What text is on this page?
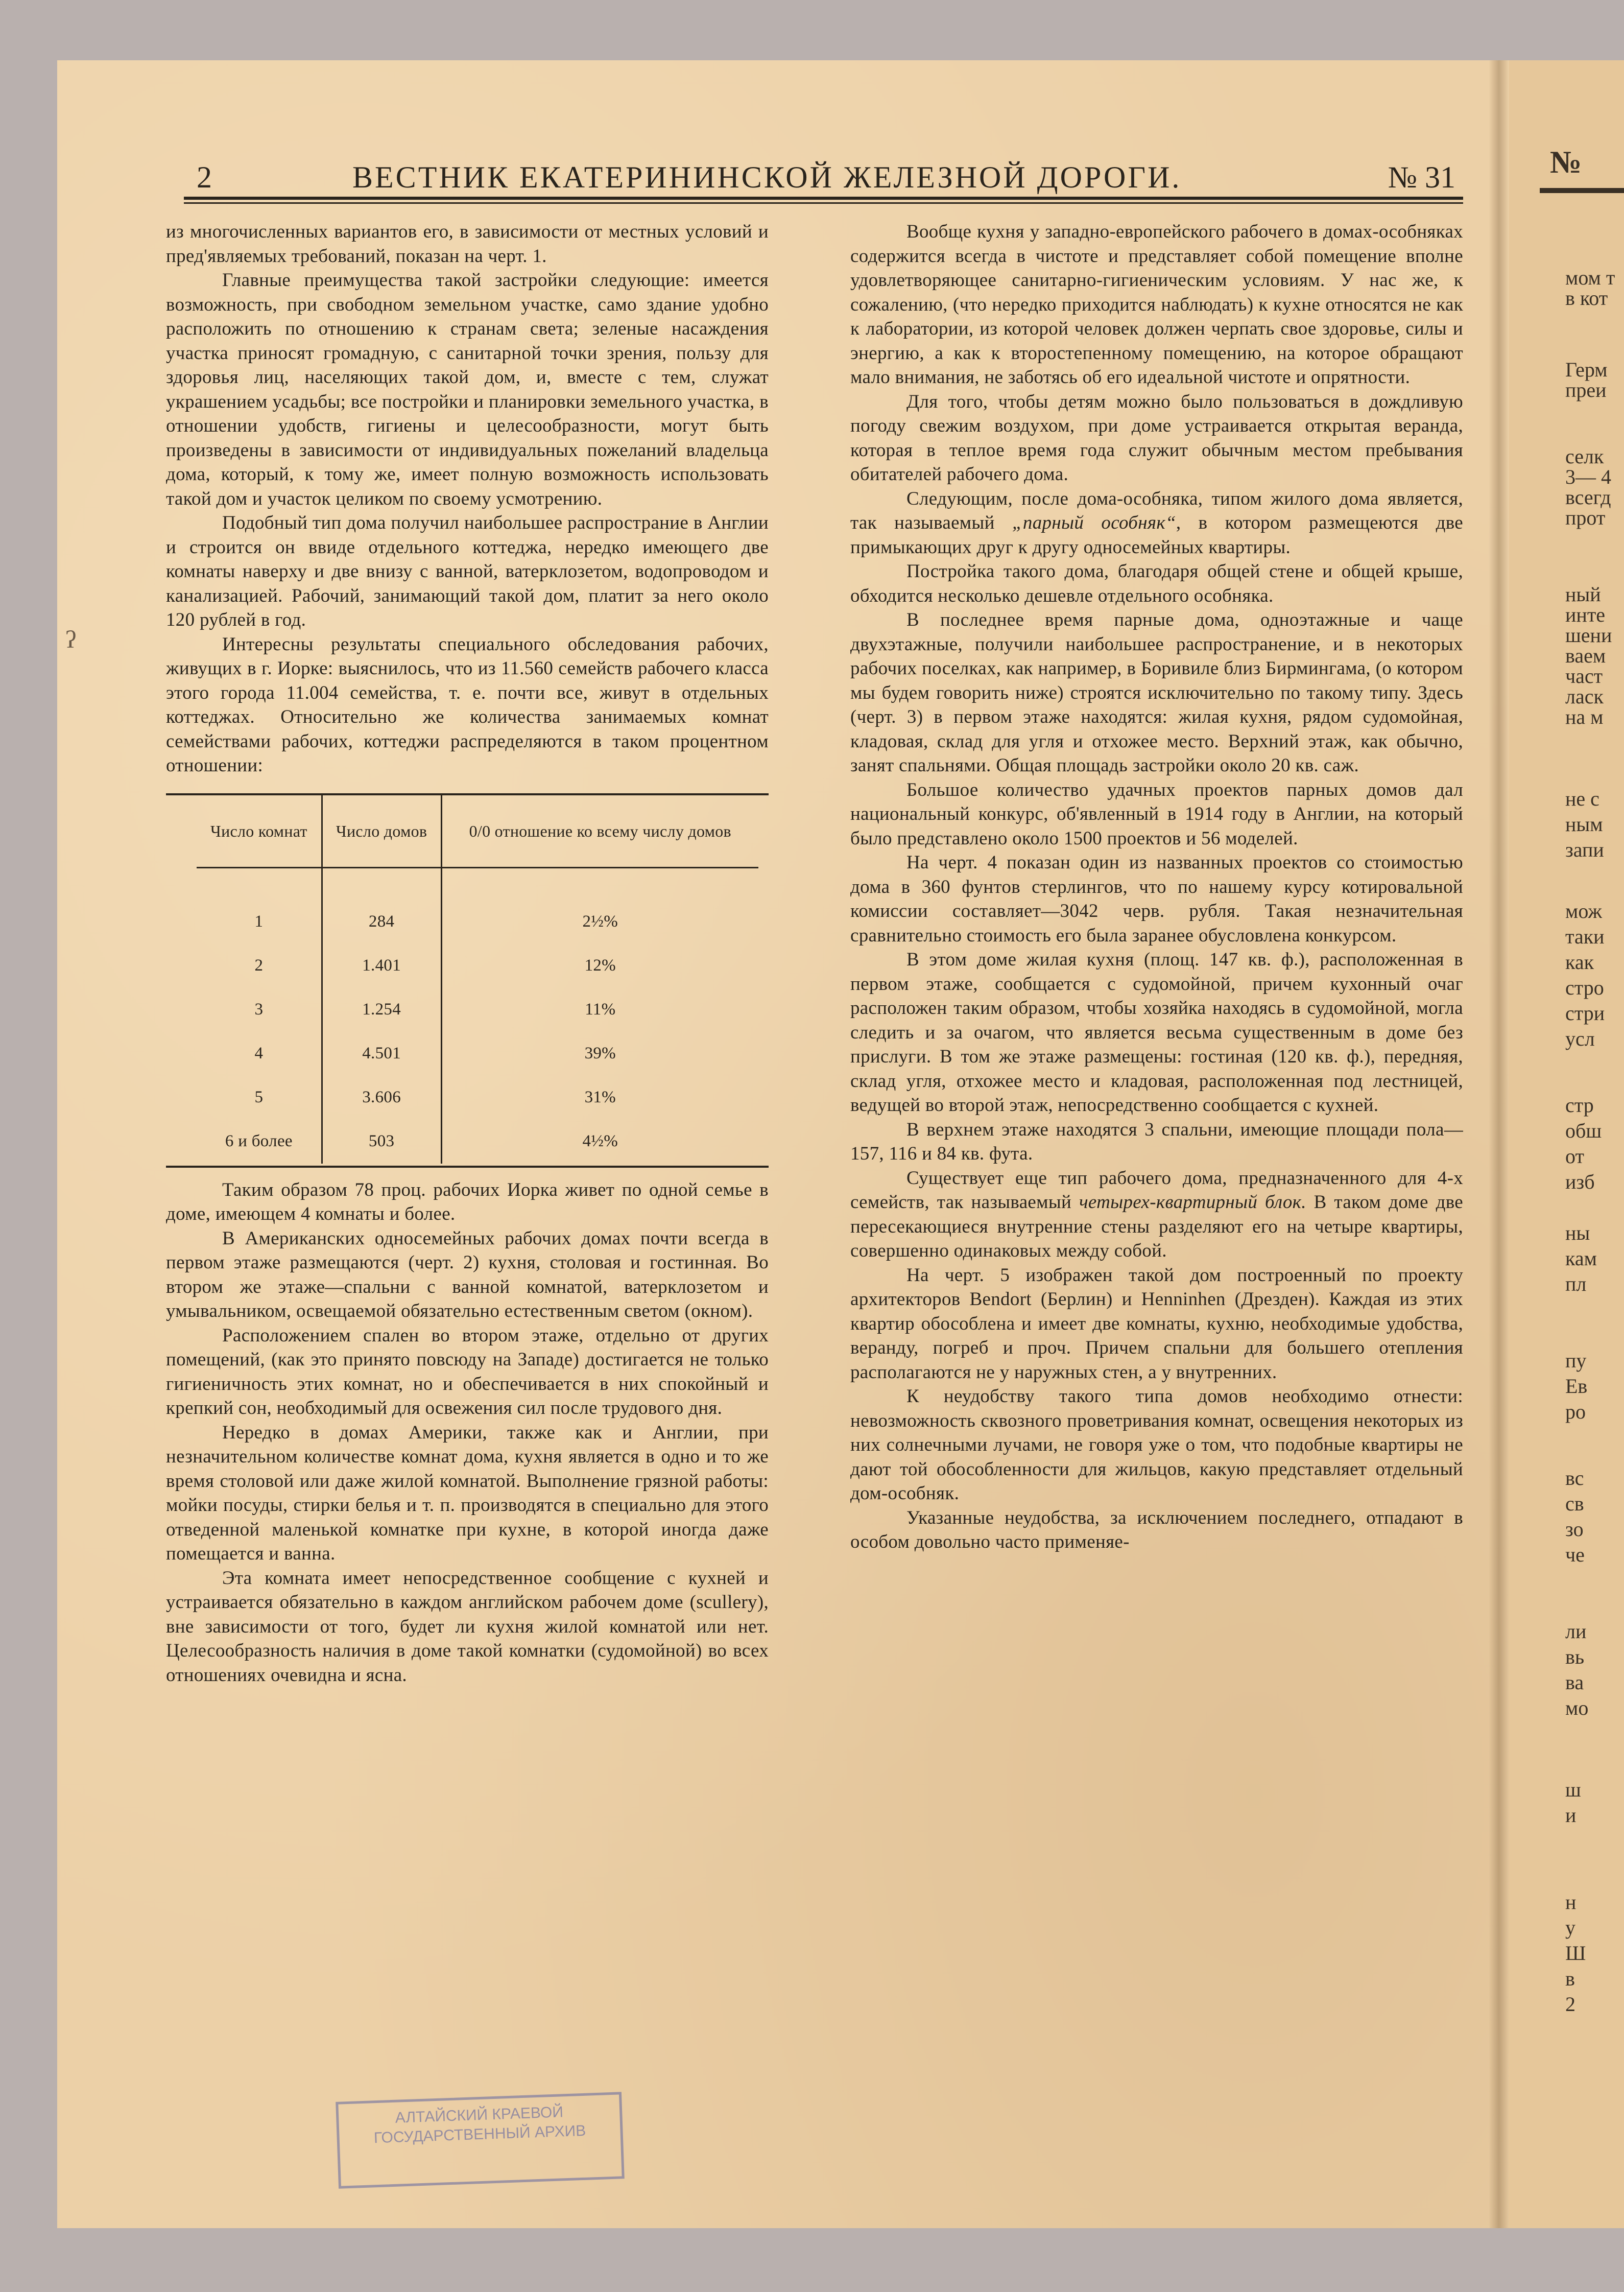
№
мом т
в кот
Герм
преи
селк
3— 4
всегд
прот
ный
инте
шени
ваем
част
ласк
на м
не с
ным
запи
мож
таки
как
стро
стри
усл
стр
обш
от
изб
ны
кам
пл
пу
Ев
ро
вс
св
зо
че
ли
вь
ва
мо
ш
и
н
у
Ш
в
2
2	ВЕСТНИК ЕКАТЕРИНИНСКОЙ ЖЕЛЕЗНОЙ ДОРОГИ.	№ 31
ʔ

из многочисленных вариантов его, в зависимости от местных условий и пред'являемых требований, показан на черт. 1.

Главные преимущества такой застройки следующие: имеется возможность, при свободном земельном участке, само здание удобно расположить по отношению к странам света; зеленые насаждения участка приносят громадную, с санитарной точки зрения, пользу для здоровья лиц, населяющих такой дом, и, вместе с тем, служат украшением усадьбы; все постройки и планировки земельного участка, в отношении удобств, гигиены и целесообразности, могут быть произведены в зависимости от индивидуальных пожеланий владельца дома, который, к тому же, имеет полную возможность использовать такой дом и участок целиком по своему усмотрению.

Подобный тип дома получил наибольшее распространие в Англии и строится он ввиде отдельного коттеджа, нередко имеющего две комнаты наверху и две внизу с ванной, ватерклозетом, водопроводом и канализацией. Рабочий, занимающий такой дом, платит за него около 120 рублей в год.

Интересны результаты специального обследования рабочих, живущих в г. Иорке: выяснилось, что из 11.560 семейств рабочего класса этого города 11.004 семейства, т. е. почти все, живут в отдельных коттеджах. Относительно же количества занимаемых комнат семействами рабочих, коттеджи распределяются в таком процентном отношении:

Число комнат	Число домов	0/0 отношение ко всему числу домов

1	284	2½%
2	1.401	12%
3	1.254	11%
4	4.501	39%
5	3.606	31%
6 и более	503	4½%

Таким образом 78 проц. рабочих Иорка живет по одной семье в доме, имеющем 4 комнаты и более.

В Американских односемейных рабочих домах почти всегда в первом этаже размещаются (черт. 2) кухня, столовая и гостинная. Во втором же этаже—спальни с ванной комнатой, ватерклозетом и умывальником, освещаемой обязательно естественным светом (окном).

Расположением спален во втором этаже, отдельно от других помещений, (как это принято повсюду на Западе) достигается не только гигиеничность этих комнат, но и обеспечивается в них спокойный и крепкий сон, необходимый для освежения сил после трудового дня.

Нередко в домах Америки, также как и Англии, при незначительном количестве комнат дома, кухня является в одно и то же время столовой или даже жилой комнатой. Выполнение грязной работы: мойки посуды, стирки белья и т. п. производятся в специально для этого отведенной маленькой комнатке при кухне, в которой иногда даже помещается и ванна.

Эта комната имеет непосредственное сообщение с кухней и устраивается обязательно в каждом английском рабочем доме (scullery), вне зависимости от того, будет ли кухня жилой комнатой или нет. Целесообразность наличия в доме такой комнатки (судомойной) во всех отношениях очевидна и ясна.

Вообще кухня у западно-европейского рабочего в домах-особняках содержится всегда в чистоте и представляет собой помещение вполне удовлетворяющее санитарно-гигиеническим условиям. У нас же, к сожалению, (что нередко приходится наблюдать) к кухне относятся не как к лаборатории, из которой человек должен черпать свое здоровье, силы и энергию, а как к второстепенному помещению, на которое обращают мало внимания, не заботясь об его идеальной чистоте и опрятности.

Для того, чтобы детям можно было пользоваться в дождливую погоду свежим воздухом, при доме устраивается открытая веранда, которая в теплое время года служит обычным местом пребывания обитателей рабочего дома.

Следующим, после дома-особняка, типом жилого дома является, так называемый „парный особняк“, в котором размещеются две примыкающих друг к другу односемейных квартиры.

Постройка такого дома, благодаря общей стене и общей крыше, обходится несколько дешевле отдельного особняка.

В последнее время парные дома, одноэтажные и чаще двухэтажные, получили наибольшее распространение, и в некоторых рабочих поселках, как например, в Боривиле близ Бирмингама, (о котором мы будем говорить ниже) строятся исключительно по такому типу. Здесь (черт. 3) в первом этаже находятся: жилая кухня, рядом судомойная, кладовая, склад для угля и отхожее место. Верхний этаж, как обычно, занят спальнями. Общая площадь застройки около 20 кв. саж.

Большое количество удачных проектов парных домов дал национальный конкурс, об'явленный в 1914 году в Англии, на который было представлено около 1500 проектов и 56 моделей.

На черт. 4 показан один из названных проектов со стоимостью дома в 360 фунтов стерлингов, что по нашему курсу котировальной комиссии составляет—3042 черв. рубля. Такая незначительная сравнительно стоимость его была заранее обусловлена конкурсом.

В этом доме жилая кухня (площ. 147 кв. ф.), расположенная в первом этаже, сообщается с судомойной, причем кухонный очаг расположен таким образом, чтобы хозяйка находясь в судомойной, могла следить и за очагом, что является весьма существенным в доме без прислуги. В том же этаже размещены: гостиная (120 кв. ф.), передняя, склад угля, отхожее место и кладовая, расположенная под лестницей, ведущей во второй этаж, непосредственно сообщается с кухней.

В верхнем этаже находятся 3 спальни, имеющие площади пола—157, 116 и 84 кв. фута.

Существует еще тип рабочего дома, предназначенного для 4-х семейств, так называемый четырех-квартирный блок. В таком доме две пересекающиеся внутренние стены разделяют его на четыре квартиры, совершенно одинаковых между собой.

На черт. 5 изображен такой дом построенный по проекту архитекторов Bendort (Берлин) и Henninhen (Дрезден). Каждая из этих квартир обособлена и имеет две комнаты, кухню, необходимые удобства, веранду, погреб и проч. Причем спальни для большего отепления располагаются не у наружных стен, а у внутренних.

К неудобству такого типа домов необходимо отнести: невозможность сквозного проветривания комнат, освещения некоторых из них солнечными лучами, не говоря уже о том, что подобные квартиры не дают той обособленности для жильцов, какую представляет отдельный дом-особняк.

Указанные неудобства, за исключением последнего, отпадают в особом довольно часто применяе-

АЛТАЙСКИЙ КРАЕВОЙ ГОСУДАРСТВЕННЫЙ АРХИВ
